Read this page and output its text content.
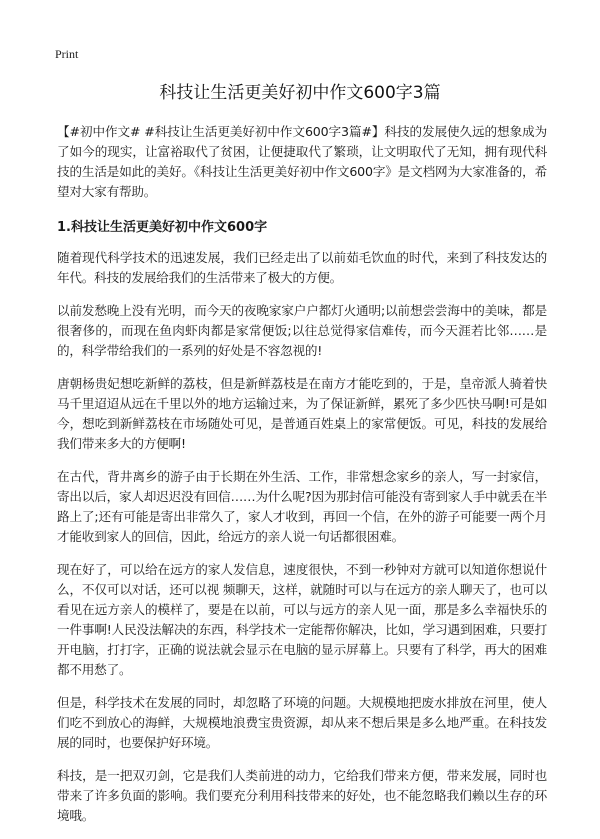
Print
科技让生活更美好初中作文600字3篇

【#初中作文# #科技让生活更美好初中作文600字3篇#】科技的发展使久远的想象成为了如今的现实，让富裕取代了贫困，让便捷取代了繁琐，让文明取代了无知，拥有现代科技的生活是如此的美好。《科技让生活更美好初中作文600字》是文档网为大家准备的，希望对大家有帮助。

1.科技让生活更美好初中作文600字

随着现代科学技术的迅速发展，我们已经走出了以前茹毛饮血的时代，来到了科技发达的年代。科技的发展给我们的生活带来了极大的方便。

以前发愁晚上没有光明，而今天的夜晚家家户户都灯火通明;以前想尝尝海中的美味，都是很奢侈的，而现在鱼肉虾肉都是家常便饭;以往总觉得家信难传，而今天涯若比邻……是的，科学带给我们的一系列的好处是不容忽视的!

唐朝杨贵妃想吃新鲜的荔枝，但是新鲜荔枝是在南方才能吃到的，于是，皇帝派人骑着快马千里迢迢从远在千里以外的地方运输过来，为了保证新鲜，累死了多少匹快马啊!可是如今，想吃到新鲜荔枝在市场随处可见，是普通百姓桌上的家常便饭。可见，科技的发展给我们带来多大的方便啊!

在古代，背井离乡的游子由于长期在外生活、工作，非常想念家乡的亲人，写一封家信，寄出以后，家人却迟迟没有回信……为什么呢?因为那封信可能没有寄到家人手中就丢在半路上了;还有可能是寄出非常久了，家人才收到，再回一个信，在外的游子可能要一两个月才能收到家人的回信，因此，给远方的亲人说一句话都很困难。

现在好了，可以给在远方的家人发信息，速度很快，不到一秒钟对方就可以知道你想说什么，不仅可以对话，还可以视 频聊天，这样，就随时可以与在远方的亲人聊天了，也可以看见在远方亲人的模样了，要是在以前，可以与远方的亲人见一面，那是多么幸福快乐的一件事啊!人民没法解决的东西，科学技术一定能帮你解决，比如，学习遇到困难，只要打开电脑，打打字，正确的说法就会显示在电脑的显示屏幕上。只要有了科学，再大的困难都不用愁了。

但是，科学技术在发展的同时，却忽略了环境的问题。大规模地把废水排放在河里，使人们吃不到放心的海鲜，大规模地浪费宝贵资源，却从来不想后果是多么地严重。在科技发展的同时，也要保护好环境。

科技，是一把双刃剑，它是我们人类前进的动力，它给我们带来方便，带来发展，同时也带来了许多负面的影响。我们要充分利用科技带来的好处，也不能忽略我们赖以生存的环境哦。
